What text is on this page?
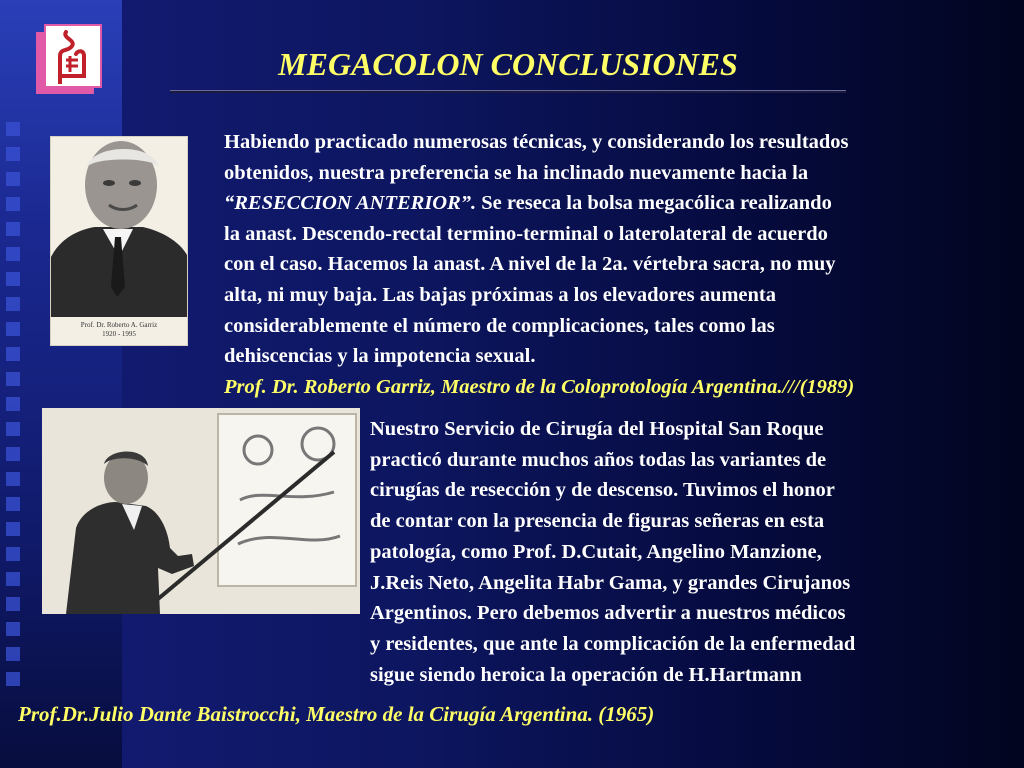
MEGACOLON CONCLUSIONES
Prof. Dr. Roberto A. Garriz
1920 - 1995
Habiendo practicado numerosas técnicas, y considerando los resultados
obtenidos, nuestra preferencia se ha inclinado nuevamente hacia la
“RESECCION ANTERIOR”. Se reseca la bolsa megacólica realizando
la anast. Descendo-rectal termino-terminal o laterolateral de acuerdo
con el caso. Hacemos la anast. A nivel de la 2a. vértebra sacra, no muy
alta, ni muy baja. Las bajas próximas a los elevadores aumenta
considerablemente el número de complicaciones, tales como las
dehiscencias y la impotencia sexual.
Prof. Dr. Roberto Garriz, Maestro de la Coloprotología Argentina.///(1989)
Nuestro Servicio de Cirugía del Hospital San Roque
practicó durante muchos años todas las variantes de
cirugías de resección y de descenso. Tuvimos el honor
de contar con la presencia de figuras señeras en esta
patología, como Prof. D.Cutait, Angelino Manzione,
J.Reis Neto, Angelita Habr Gama, y grandes Cirujanos
Argentinos. Pero debemos advertir a nuestros médicos
y residentes, que ante la complicación de la enfermedad
sigue siendo heroica la operación de H.Hartmann

Prof.Dr.Julio Dante Baistrocchi, Maestro de la Cirugía Argentina. (1965)
